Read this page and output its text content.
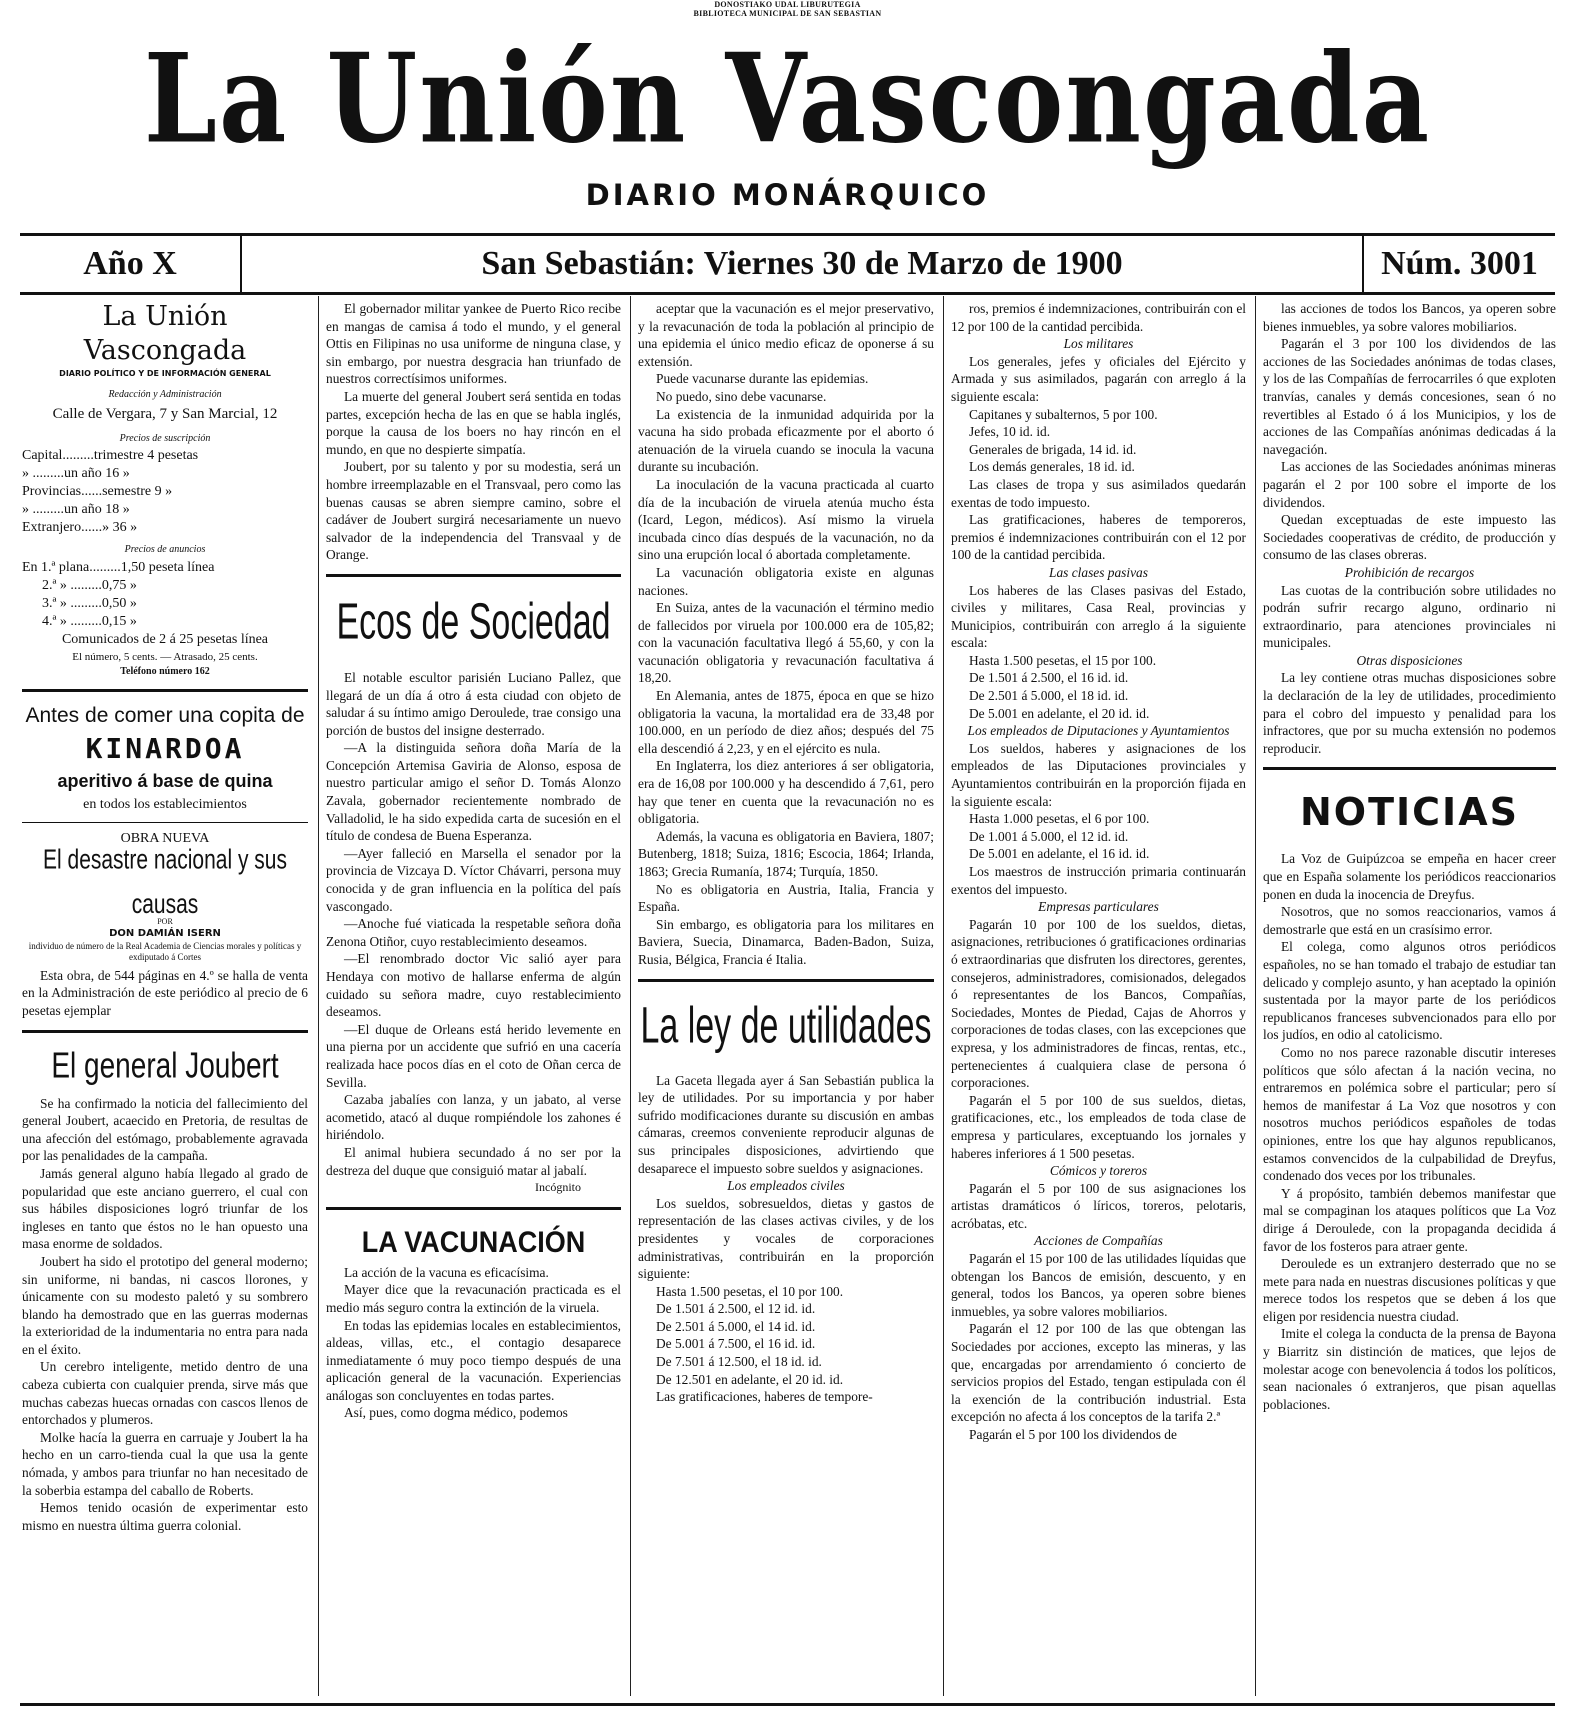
DONOSTIAKO UDAL LIBURUTEGIA
BIBLIOTECA MUNICIPAL DE SAN SEBASTIAN
La Unión Vascongada
DIARIO MONÁRQUICO
Año X	San Sebastián: Viernes 30 de Marzo de 1900	Núm. 3001
La Unión Vascongada
DIARIO POLÍTICO Y DE INFORMACIÓN GENERAL
Redacción y Administración
Calle de Vergara, 7 y San Marcial, 12
Precios de suscripción
Capital.........trimestre 4 pesetas
» .........un año 16 »
Provincias......semestre 9 »
» .........un año 18 »
Extranjero......» 36 »
Precios de anuncios
En 1.ª plana.........1,50 peseta línea
2.ª » .........0,75 »
3.ª » .........0,50 »
4.ª » .........0,15 »
Comunicados de 2 á 25 pesetas línea
El número, 5 cents. — Atrasado, 25 cents.
Teléfono número 162
Antes de comer una copita de
KINARDOA
aperitivo á base de quina
en todos los establecimientos
OBRA NUEVA
El desastre nacional y sus causas
POR
DON DAMIÁN ISERN
individuo de número de la Real Academia de Ciencias morales y políticas y exdiputado á Cortes

Esta obra, de 544 páginas en 4.º se halla de venta en la Administración de este periódico al precio de 6 pesetas ejemplar

El general Joubert

Se ha confirmado la noticia del fallecimiento del general Joubert, acaecido en Pretoria, de resultas de una afección del estómago, probablemente agravada por las penalidades de la campaña.

Jamás general alguno había llegado al grado de popularidad que este anciano guerrero, el cual con sus hábiles disposiciones logró triunfar de los ingleses en tanto que éstos no le han opuesto una masa enorme de soldados.

Joubert ha sido el prototipo del general moderno; sin uniforme, ni bandas, ni cascos llorones, y únicamente con su modesto paletó y su sombrero blando ha demostrado que en las guerras modernas la exterioridad de la indumentaria no entra para nada en el éxito.

Un cerebro inteligente, metido dentro de una cabeza cubierta con cualquier prenda, sirve más que muchas cabezas huecas ornadas con cascos llenos de entorchados y plumeros.

Molke hacía la guerra en carruaje y Joubert la ha hecho en un carro-tienda cual la que usa la gente nómada, y ambos para triunfar no han necesitado de la soberbia estampa del caballo de Roberts.

Hemos tenido ocasión de experimentar esto mismo en nuestra última guerra colonial.

El gobernador militar yankee de Puerto Rico recibe en mangas de camisa á todo el mundo, y el general Ottis en Filipinas no usa uniforme de ninguna clase, y sin embargo, por nuestra desgracia han triunfado de nuestros correctísimos uniformes.

La muerte del general Joubert será sentida en todas partes, excepción hecha de las en que se habla inglés, porque la causa de los boers no hay rincón en el mundo, en que no despierte simpatía.

Joubert, por su talento y por su modestia, será un hombre irreemplazable en el Transvaal, pero como las buenas causas se abren siempre camino, sobre el cadáver de Joubert surgirá necesariamente un nuevo salvador de la independencia del Transvaal y de Orange.

Ecos de Sociedad

El notable escultor parisién Luciano Pallez, que llegará de un día á otro á esta ciudad con objeto de saludar á su íntimo amigo Deroulede, trae consigo una porción de bustos del insigne desterrado.

—A la distinguida señora doña María de la Concepción Artemisa Gaviria de Alonso, esposa de nuestro particular amigo el señor D. Tomás Alonzo Zavala, gobernador recientemente nombrado de Valladolid, le ha sido expedida carta de sucesión en el título de condesa de Buena Esperanza.

—Ayer falleció en Marsella el senador por la provincia de Vizcaya D. Víctor Chávarri, persona muy conocida y de gran influencia en la política del país vascongado.

—Anoche fué viaticada la respetable señora doña Zenona Otiñor, cuyo restablecimiento deseamos.

—El renombrado doctor Vic salió ayer para Hendaya con motivo de hallarse enferma de algún cuidado su señora madre, cuyo restablecimiento deseamos.

—El duque de Orleans está herido levemente en una pierna por un accidente que sufrió en una cacería realizada hace pocos días en el coto de Oñan cerca de Sevilla.

Cazaba jabalíes con lanza, y un jabato, al verse acometido, atacó al duque rompiéndole los zahones é hiriéndolo.

El animal hubiera secundado á no ser por la destreza del duque que consiguió matar al jabalí.

Incógnito
LA VACUNACIÓN

La acción de la vacuna es eficacísima.

Mayer dice que la revacunación practicada es el medio más seguro contra la extinción de la viruela.

En todas las epidemias locales en establecimientos, aldeas, villas, etc., el contagio desaparece inmediatamente ó muy poco tiempo después de una aplicación general de la vacunación. Experiencias análogas son concluyentes en todas partes.

Así, pues, como dogma médico, podemos

aceptar que la vacunación es el mejor preservativo, y la revacunación de toda la población al principio de una epidemia el único medio eficaz de oponerse á su extensión.

Puede vacunarse durante las epidemias.

No puedo, sino debe vacunarse.

La existencia de la inmunidad adquirida por la vacuna ha sido probada eficazmente por el aborto ó atenuación de la viruela cuando se inocula la vacuna durante su incubación.

La inoculación de la vacuna practicada al cuarto día de la incubación de viruela atenúa mucho ésta (Icard, Legon, médicos). Así mismo la viruela incubada cinco días después de la vacunación, no da sino una erupción local ó abortada completamente.

La vacunación obligatoria existe en algunas naciones.

En Suiza, antes de la vacunación el término medio de fallecidos por viruela por 100.000 era de 105,82; con la vacunación facultativa llegó á 55,60, y con la vacunación obligatoria y revacunación facultativa á 18,20.

En Alemania, antes de 1875, época en que se hizo obligatoria la vacuna, la mortalidad era de 33,48 por 100.000, en un período de diez años; después del 75 ella descendió á 2,23, y en el ejército es nula.

En Inglaterra, los diez anteriores á ser obligatoria, era de 16,08 por 100.000 y ha descendido á 7,61, pero hay que tener en cuenta que la revacunación no es obligatoria.

Además, la vacuna es obligatoria en Baviera, 1807; Butenberg, 1818; Suiza, 1816; Escocia, 1864; Irlanda, 1863; Grecia Rumanía, 1874; Turquía, 1850.

No es obligatoria en Austria, Italia, Francia y España.

Sin embargo, es obligatoria para los militares en Baviera, Suecia, Dinamarca, Baden-Badon, Suiza, Rusia, Bélgica, Francia é Italia.

La ley de utilidades

La Gaceta llegada ayer á San Sebastián publica la ley de utilidades. Por su importancia y por haber sufrido modificaciones durante su discusión en ambas cámaras, creemos conveniente reproducir algunas de sus principales disposiciones, advirtiendo que desaparece el impuesto sobre sueldos y asignaciones.

Los empleados civiles

Los sueldos, sobresueldos, dietas y gastos de representación de las clases activas civiles, y de los presidentes y vocales de corporaciones administrativas, contribuirán en la proporción siguiente:

Hasta 1.500 pesetas, el 10 por 100.

De 1.501 á 2.500, el 12 id. id.

De 2.501 á 5.000, el 14 id. id.

De 5.001 á 7.500, el 16 id. id.

De 7.501 á 12.500, el 18 id. id.

De 12.501 en adelante, el 20 id. id.

Las gratificaciones, haberes de tempore-

ros, premios é indemnizaciones, contribuirán con el 12 por 100 de la cantidad percibida.

Los militares

Los generales, jefes y oficiales del Ejército y Armada y sus asimilados, pagarán con arreglo á la siguiente escala:

Capitanes y subalternos, 5 por 100.

Jefes, 10 id. id.

Generales de brigada, 14 id. id.

Los demás generales, 18 id. id.

Las clases de tropa y sus asimilados quedarán exentas de todo impuesto.

Las gratificaciones, haberes de temporeros, premios é indemnizaciones contribuirán con el 12 por 100 de la cantidad percibida.

Las clases pasivas

Los haberes de las Clases pasivas del Estado, civiles y militares, Casa Real, provincias y Municipios, contribuirán con arreglo á la siguiente escala:

Hasta 1.500 pesetas, el 15 por 100.

De 1.501 á 2.500, el 16 id. id.

De 2.501 á 5.000, el 18 id. id.

De 5.001 en adelante, el 20 id. id.

Los empleados de Diputaciones y Ayuntamientos

Los sueldos, haberes y asignaciones de los empleados de las Diputaciones provinciales y Ayuntamientos contribuirán en la proporción fijada en la siguiente escala:

Hasta 1.000 pesetas, el 6 por 100.

De 1.001 á 5.000, el 12 id. id.

De 5.001 en adelante, el 16 id. id.

Los maestros de instrucción primaria continuarán exentos del impuesto.

Empresas particulares

Pagarán 10 por 100 de los sueldos, dietas, asignaciones, retribuciones ó gratificaciones ordinarias ó extraordinarias que disfruten los directores, gerentes, consejeros, administradores, comisionados, delegados ó representantes de los Bancos, Compañías, Sociedades, Montes de Piedad, Cajas de Ahorros y corporaciones de todas clases, con las excepciones que expresa, y los administradores de fincas, rentas, etc., pertenecientes á cualquiera clase de persona ó corporaciones.

Pagarán el 5 por 100 de sus sueldos, dietas, gratificaciones, etc., los empleados de toda clase de empresa y particulares, exceptuando los jornales y haberes inferiores á 1 500 pesetas.

Cómicos y toreros

Pagarán el 5 por 100 de sus asignaciones los artistas dramáticos ó líricos, toreros, pelotaris, acróbatas, etc.

Acciones de Compañías

Pagarán el 15 por 100 de las utilidades líquidas que obtengan los Bancos de emisión, descuento, y en general, todos los Bancos, ya operen sobre bienes inmuebles, ya sobre valores mobiliarios.

Pagarán el 12 por 100 de las que obtengan las Sociedades por acciones, excepto las mineras, y las que, encargadas por arrendamiento ó concierto de servicios propios del Estado, tengan estipulada con él la exención de la contribución industrial. Esta excepción no afecta á los conceptos de la tarifa 2.ª

Pagarán el 5 por 100 los dividendos de

las acciones de todos los Bancos, ya operen sobre bienes inmuebles, ya sobre valores mobiliarios.

Pagarán el 3 por 100 los dividendos de las acciones de las Sociedades anónimas de todas clases, y los de las Compañías de ferrocarriles ó que exploten tranvías, canales y demás concesiones, sean ó no revertibles al Estado ó á los Municipios, y los de acciones de las Compañías anónimas dedicadas á la navegación.

Las acciones de las Sociedades anónimas mineras pagarán el 2 por 100 sobre el importe de los dividendos.

Quedan exceptuadas de este impuesto las Sociedades cooperativas de crédito, de producción y consumo de las clases obreras.

Prohibición de recargos

Las cuotas de la contribución sobre utilidades no podrán sufrir recargo alguno, ordinario ni extraordinario, para atenciones provinciales ni municipales.

Otras disposiciones

La ley contiene otras muchas disposiciones sobre la declaración de la ley de utilidades, procedimiento para el cobro del impuesto y penalidad para los infractores, que por su mucha extensión no podemos reproducir.

NOTICIAS

La Voz de Guipúzcoa se empeña en hacer creer que en España solamente los periódicos reaccionarios ponen en duda la inocencia de Dreyfus.

Nosotros, que no somos reaccionarios, vamos á demostrarle que está en un crasísimo error.

El colega, como algunos otros periódicos españoles, no se han tomado el trabajo de estudiar tan delicado y complejo asunto, y han aceptado la opinión sustentada por la mayor parte de los periódicos republicanos franceses subvencionados para ello por los judíos, en odio al catolicismo.

Como no nos parece razonable discutir intereses políticos que sólo afectan á la nación vecina, no entraremos en polémica sobre el particular; pero sí hemos de manifestar á La Voz que nosotros y con nosotros muchos periódicos españoles de todas opiniones, entre los que hay algunos republicanos, estamos convencidos de la culpabilidad de Dreyfus, condenado dos veces por los tribunales.

Y á propósito, también debemos manifestar que mal se compaginan los ataques políticos que La Voz dirige á Deroulede, con la propaganda decidida á favor de los fosteros para atraer gente.

Deroulede es un extranjero desterrado que no se mete para nada en nuestras discusiones políticas y que merece todos los respetos que se deben á los que eligen por residencia nuestra ciudad.

Imite el colega la conducta de la prensa de Bayona y Biarritz sin distinción de matices, que lejos de molestar acoge con benevolencia á todos los políticos, sean nacionales ó extranjeros, que pisan aquellas poblaciones.
